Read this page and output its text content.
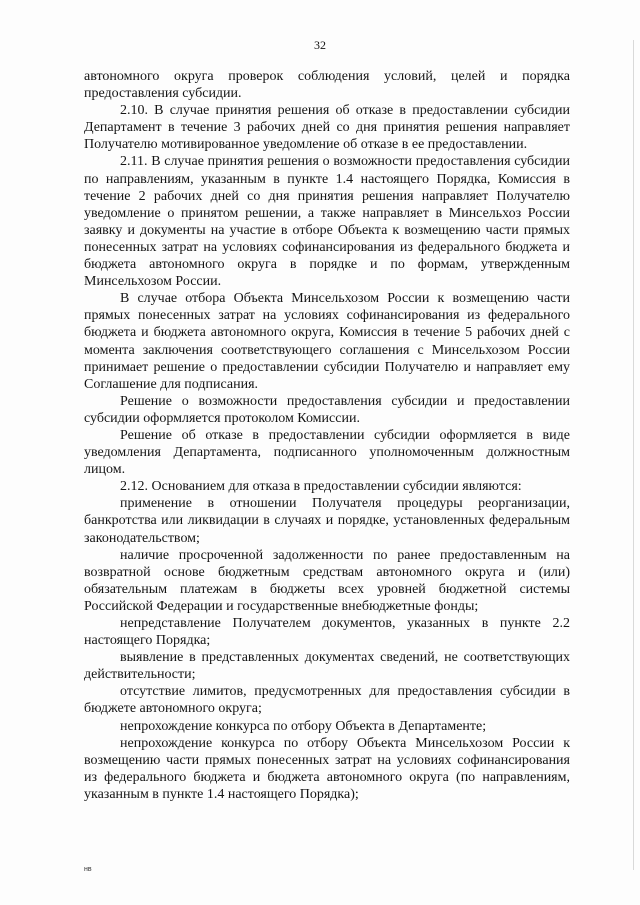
32

автономного округа проверок соблюдения условий, целей и порядка предоставления субсидии.

2.10. В случае принятия решения об отказе в предоставлении субсидии Департамент в течение 3 рабочих дней со дня принятия решения направляет Получателю мотивированное уведомление об отказе в ее предоставлении.

2.11. В случае принятия решения о возможности предоставления субсидии по направлениям, указанным в пункте 1.4 настоящего Порядка, Комиссия в течение 2 рабочих дней со дня принятия решения направляет Получателю уведомление о принятом решении, а также направляет в Минсельхоз России заявку и документы на участие в отборе Объекта к возмещению части прямых понесенных затрат на условиях софинансирования из федерального бюджета и бюджета автономного округа в порядке и по формам, утвержденным Минсельхозом России.

В случае отбора Объекта Минсельхозом России к возмещению части прямых понесенных затрат на условиях софинансирования из федерального бюджета и бюджета автономного округа, Комиссия в течение 5 рабочих дней с момента заключения соответствующего соглашения с Минсельхозом России принимает решение о предоставлении субсидии Получателю и направляет ему Соглашение для подписания.

Решение о возможности предоставления субсидии и предоставлении субсидии оформляется протоколом Комиссии.

Решение об отказе в предоставлении субсидии оформляется в виде уведомления Департамента, подписанного уполномоченным должностным лицом.

2.12. Основанием для отказа в предоставлении субсидии являются:

применение в отношении Получателя процедуры реорганизации, банкротства или ликвидации в случаях и порядке, установленных федеральным законодательством;

наличие просроченной задолженности по ранее предоставленным на возвратной основе бюджетным средствам автономного округа и (или) обязательным платежам в бюджеты всех уровней бюджетной системы Российской Федерации и государственные внебюджетные фонды;

непредставление Получателем документов, указанных в пункте 2.2 настоящего Порядка;

выявление в представленных документах сведений, не соответствующих действительности;

отсутствие лимитов, предусмотренных для предоставления субсидии в бюджете автономного округа;

непрохождение конкурса по отбору Объекта в Департаменте;

непрохождение конкурса по отбору Объекта Минсельхозом России к возмещению части прямых понесенных затрат на условиях софинансирования из федерального бюджета и бюджета автономного округа (по направлениям, указанным в пункте 1.4 настоящего Порядка);

нв
